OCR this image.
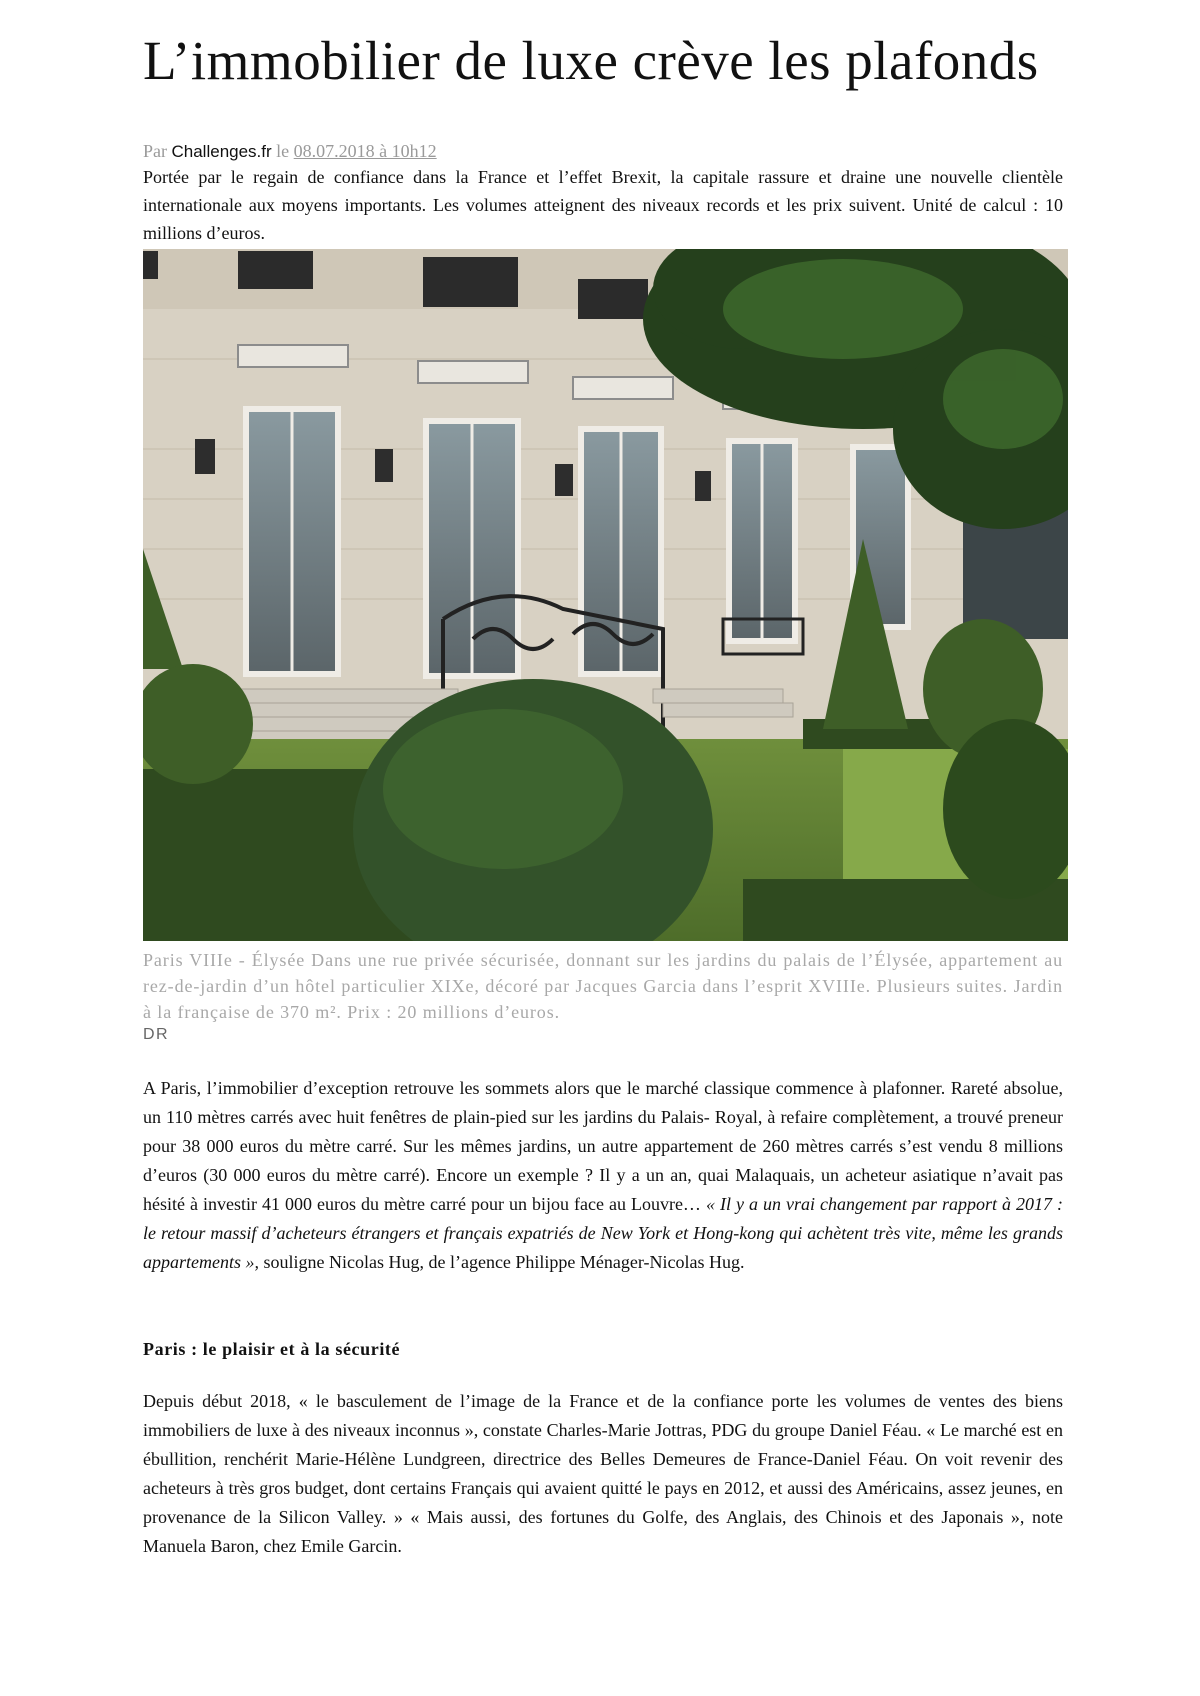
L’immobilier de luxe crève les plafonds
Par Challenges.fr le 08.07.2018 à 10h12

Portée par le regain de confiance dans la France et l’effet Brexit, la capitale rassure et draine une nouvelle clientèle internationale aux moyens importants. Les volumes atteignent des niveaux records et les prix suivent. Unité de calcul : 10 millions d’euros.

Paris VIIIe - Élysée Dans une rue privée sécurisée, donnant sur les jardins du palais de l’Élysée, appartement au rez-de-jardin d’un hôtel particulier XIXe, décoré par Jacques Garcia dans l’esprit XVIIIe. Plusieurs suites. Jardin à la française de 370 m². Prix : 20 millions d’euros.
DR

A Paris, l’immobilier d’exception retrouve les sommets alors que le marché classique commence à plafonner. Rareté absolue, un 110 mètres carrés avec huit fenêtres de plain-pied sur les jardins du Palais- Royal, à refaire complètement, a trouvé preneur pour 38 000 euros du mètre carré. Sur les mêmes jardins, un autre appartement de 260 mètres carrés s’est vendu 8 millions d’euros (30 000 euros du mètre carré). Encore un exemple ? Il y a un an, quai Malaquais, un acheteur asiatique n’avait pas hésité à investir 41 000 euros du mètre carré pour un bijou face au Louvre… « Il y a un vrai changement par rapport à 2017 : le retour massif d’acheteurs étrangers et français expatriés de New York et Hong-kong qui achètent très vite, même les grands appartements », souligne Nicolas Hug, de l’agence Philippe Ménager-Nicolas Hug.

Paris : le plaisir et à la sécurité

Depuis début 2018, « le basculement de l’image de la France et de la confiance porte les volumes de ventes des biens immobiliers de luxe à des niveaux inconnus », constate Charles-Marie Jottras, PDG du groupe Daniel Féau. « Le marché est en ébullition, renchérit Marie-Hélène Lundgreen, directrice des Belles Demeures de France-Daniel Féau. On voit revenir des acheteurs à très gros budget, dont certains Français qui avaient quitté le pays en 2012, et aussi des Américains, assez jeunes, en provenance de la Silicon Valley. » « Mais aussi, des fortunes du Golfe, des Anglais, des Chinois et des Japonais », note Manuela Baron, chez Emile Garcin.
